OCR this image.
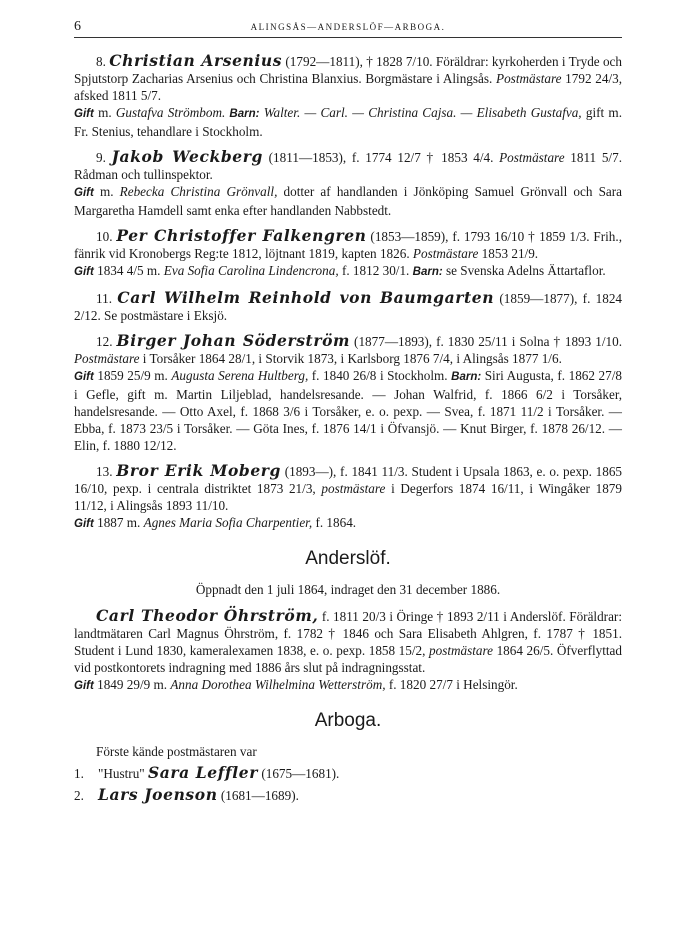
6	ALINGSÅS—ANDERSLÖF—ARBOGA.

8. Christian Arsenius (1792—1811), † 1828 7/10. Föräldrar: kyrkoherden i Tryde och Spjutstorp Zacharias Arsenius och Christina Blanxius. Borgmästare i Alingsås. Postmästare 1792 24/3, afsked 1811 5/7.

Gift m. Gustafva Strömbom. Barn: Walter. — Carl. — Christina Cajsa. — Elisabeth Gustafva, gift m. Fr. Stenius, tehandlare i Stockholm.

9. Jakob Weckberg (1811—1853), f. 1774 12/7 † 1853 4/4. Postmästare 1811 5/7. Rådman och tullinspektor.

Gift m. Rebecka Christina Grönvall, dotter af handlanden i Jönköping Samuel Grönvall och Sara Margaretha Hamdell samt enka efter handlanden Nabbstedt.

10. Per Christoffer Falkengren (1853—1859), f. 1793 16/10 † 1859 1/3. Frih., fänrik vid Kronobergs Reg:te 1812, löjtnant 1819, kapten 1826. Postmästare 1853 21/9.

Gift 1834 4/5 m. Eva Sofia Carolina Lindencrona, f. 1812 30/1. Barn: se Svenska Adelns Ättartaflor.

11. Carl Wilhelm Reinhold von Baumgarten (1859—1877), f. 1824 2/12. Se postmästare i Eksjö.

12. Birger Johan Söderström (1877—1893), f. 1830 25/11 i Solna † 1893 1/10. Postmästare i Torsåker 1864 28/1, i Storvik 1873, i Karlsborg 1876 7/4, i Alingsås 1877 1/6.

Gift 1859 25/9 m. Augusta Serena Hultberg, f. 1840 26/8 i Stockholm. Barn: Siri Augusta, f. 1862 27/8 i Gefle, gift m. Martin Liljeblad, handelsresande. — Johan Walfrid, f. 1866 6/2 i Torsåker, handelsresande. — Otto Axel, f. 1868 3/6 i Torsåker, e. o. pexp. — Svea, f. 1871 11/2 i Torsåker. — Ebba, f. 1873 23/5 i Torsåker. — Göta Ines, f. 1876 14/1 i Öfvansjö. — Knut Birger, f. 1878 26/12. — Elin, f. 1880 12/12.

13. Bror Erik Moberg (1893—), f. 1841 11/3. Student i Upsala 1863, e. o. pexp. 1865 16/10, pexp. i centrala distriktet 1873 21/3, postmästare i Degerfors 1874 16/11, i Wingåker 1879 11/12, i Alingsås 1893 11/10.

Gift 1887 m. Agnes Maria Sofia Charpentier, f. 1864.

Anderslöf.

Öppnadt den 1 juli 1864, indraget den 31 december 1886.

Carl Theodor Öhrström, f. 1811 20/3 i Öringe † 1893 2/11 i Anderslöf. Föräldrar: landtmätaren Carl Magnus Öhrström, f. 1782 † 1846 och Sara Elisabeth Ahlgren, f. 1787 † 1851. Student i Lund 1830, kameralexamen 1838, e. o. pexp. 1858 15/2, postmästare 1864 26/5. Öfverflyttad vid postkontorets indragning med 1886 års slut på indragningsstat.

Gift 1849 29/9 m. Anna Dorothea Wilhelmina Wetterström, f. 1820 27/7 i Helsingör.

Arboga.

Förste kände postmästaren var

1. "Hustru" Sara Leffler (1675—1681).

2. Lars Joenson (1681—1689).
